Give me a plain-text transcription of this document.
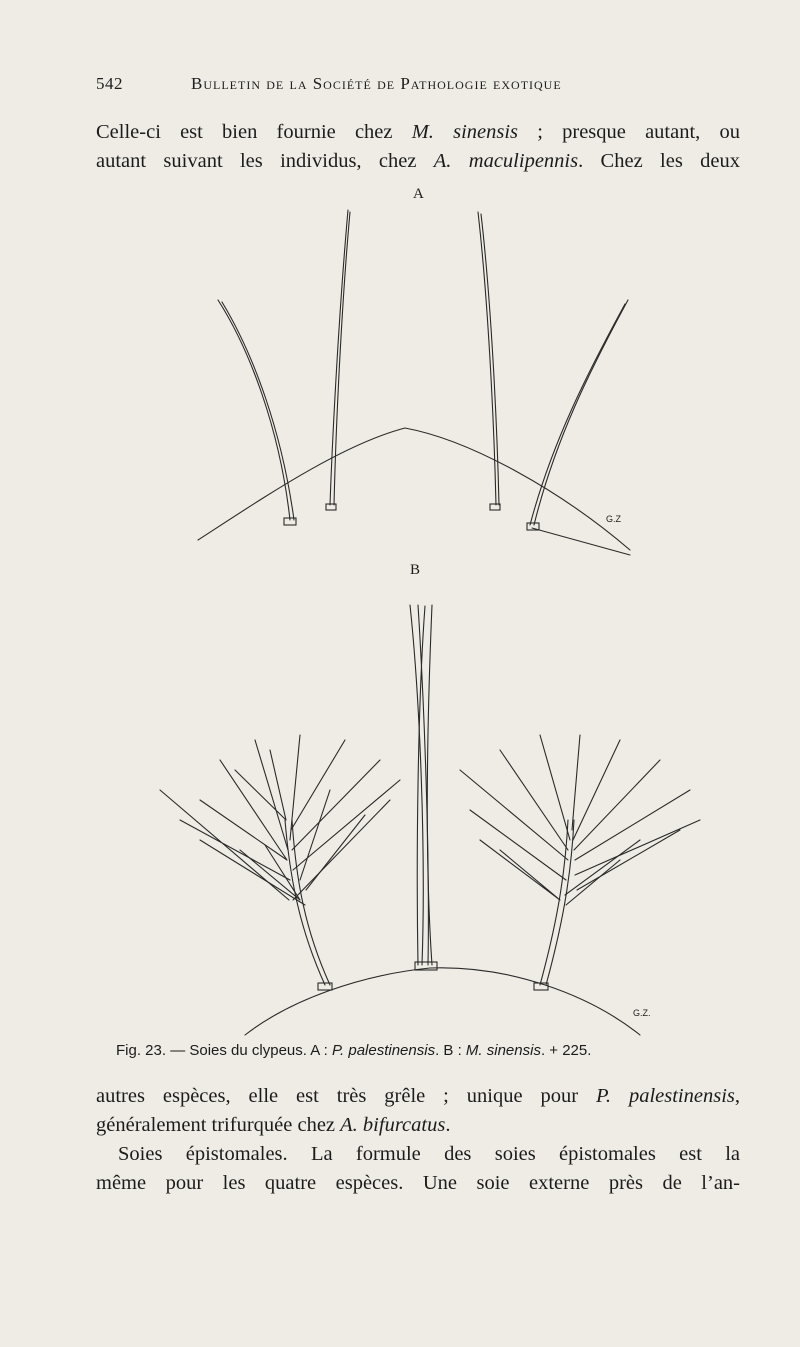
542	Bulletin de la Société de Pathologie exotique
Celle-ci est bien fournie chez M. sinensis ; presque autant, ou
autant suivant les individus, chez A. maculipennis. Chez les deux
A
B
G.Z
G.Z.
Fig. 23. — Soies du clypeus. A : P. palestinensis. B : M. sinensis. + 225.
autres espèces, elle est très grêle ; unique pour P. palestinensis,
généralement trifurquée chez A. bifurcatus.
Soies épistomales. La formule des soies épistomales est la
même pour les quatre espèces. Une soie externe près de l’an-
